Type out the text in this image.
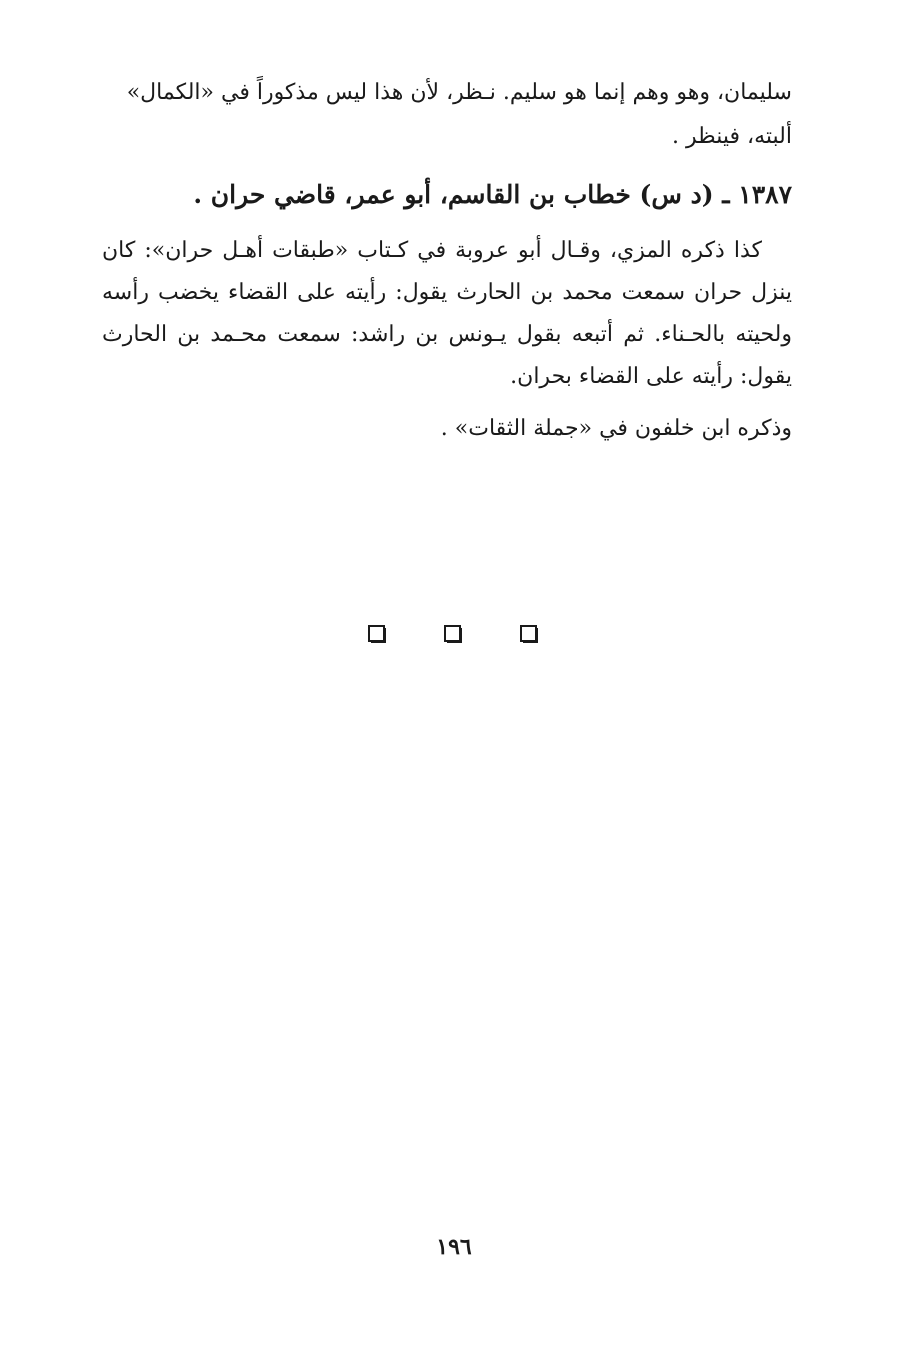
سليمان، وهو وهم إنما هو سليم. نـظر، لأن هذا ليس مذكوراً في «الكمال»
ألبته، فينظر .
١٣٨٧ ـ (د س) خطاب بن القاسم، أبو عمر، قاضي حران .
كذا ذكره المزي، وقـال أبو عروبة في كـتاب «طبقات أهـل حران»: كان ينزل حران سمعت محمد بن الحارث يقول: رأيته على القضاء يخضب رأسه ولحيته بالحـناء. ثم أتبعه بقول يـونس بن راشد: سمعت محـمد بن الحارث يقول: رأيته على القضاء بحران.
وذكره ابن خلفون في «جملة الثقات» .
١٩٦
